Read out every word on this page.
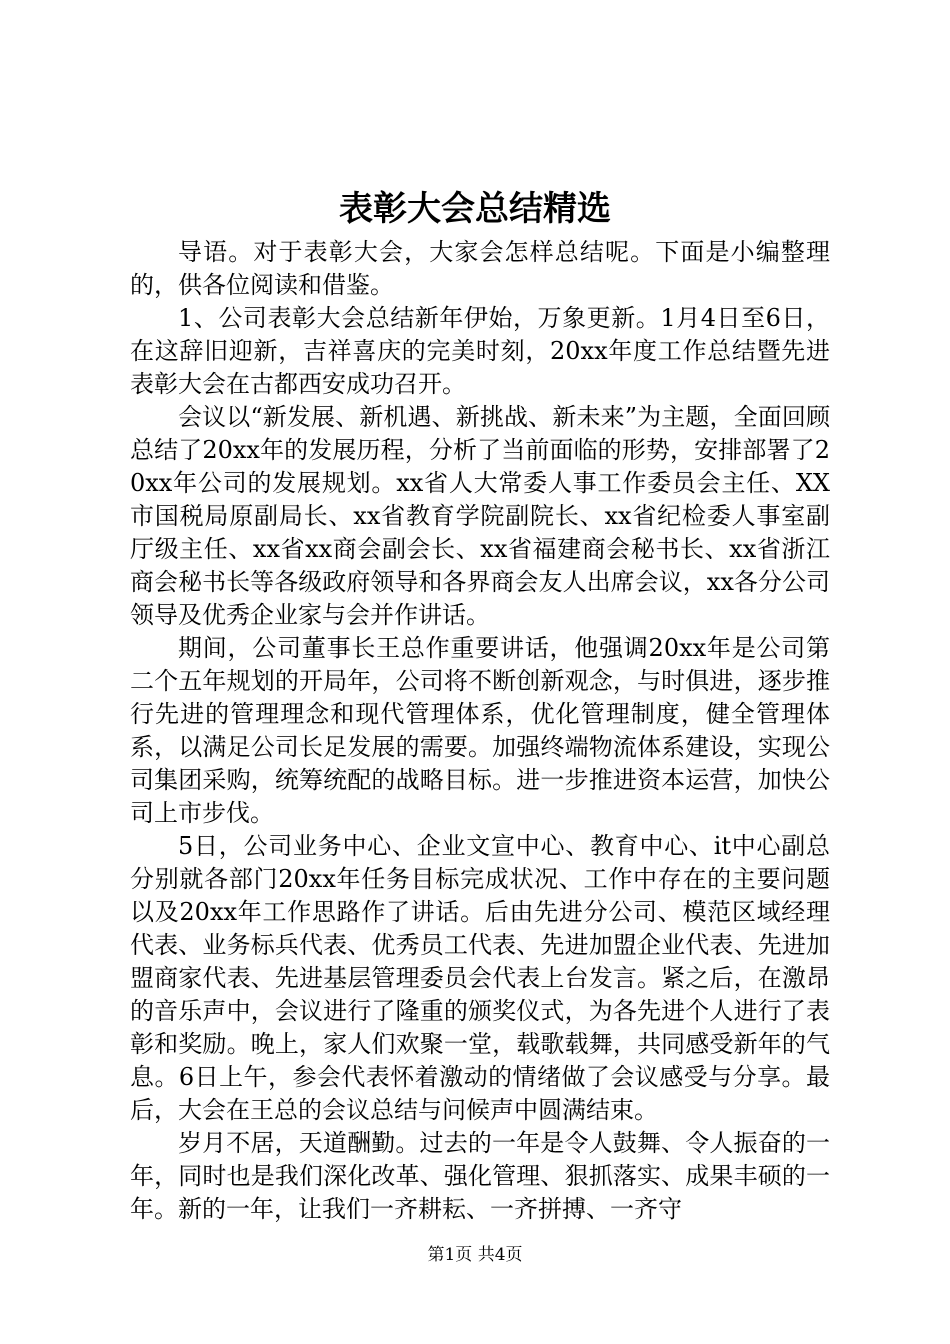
表彰大会总结精选

导语。对于表彰大会，大家会怎样总结呢。下面是小编整理的，供各位阅读和借鉴。

1、公司表彰大会总结新年伊始，万象更新。1月4日至6日，在这辞旧迎新，吉祥喜庆的完美时刻，20xx年度工作总结暨先进表彰大会在古都西安成功召开。

会议以“新发展、新机遇、新挑战、新未来”为主题，全面回顾总结了20xx年的发展历程，分析了当前面临的形势，安排部署了20xx年公司的发展规划。xx省人大常委人事工作委员会主任、XX市国税局原副局长、xx省教育学院副院长、xx省纪检委人事室副厅级主任、xx省xx商会副会长、xx省福建商会秘书长、xx省浙江商会秘书长等各级政府领导和各界商会友人出席会议，xx各分公司领导及优秀企业家与会并作讲话。

期间，公司董事长王总作重要讲话，他强调20xx年是公司第二个五年规划的开局年，公司将不断创新观念，与时俱进，逐步推行先进的管理理念和现代管理体系，优化管理制度，健全管理体系，以满足公司长足发展的需要。加强终端物流体系建设，实现公司集团采购，统筹统配的战略目标。进一步推进资本运营，加快公司上市步伐。

5日，公司业务中心、企业文宣中心、教育中心、it中心副总分别就各部门20xx年任务目标完成状况、工作中存在的主要问题以及20xx年工作思路作了讲话。后由先进分公司、模范区域经理代表、业务标兵代表、优秀员工代表、先进加盟企业代表、先进加盟商家代表、先进基层管理委员会代表上台发言。紧之后，在激昂的音乐声中，会议进行了隆重的颁奖仪式，为各先进个人进行了表彰和奖励。晚上，家人们欢聚一堂，载歌载舞，共同感受新年的气息。6日上午，参会代表怀着激动的情绪做了会议感受与分享。最后，大会在王总的会议总结与问候声中圆满结束。

岁月不居，天道酬勤。过去的一年是令人鼓舞、令人振奋的一年，同时也是我们深化改革、强化管理、狠抓落实、成果丰硕的一年。新的一年，让我们一齐耕耘、一齐拼搏、一齐守

第1页 共4页
